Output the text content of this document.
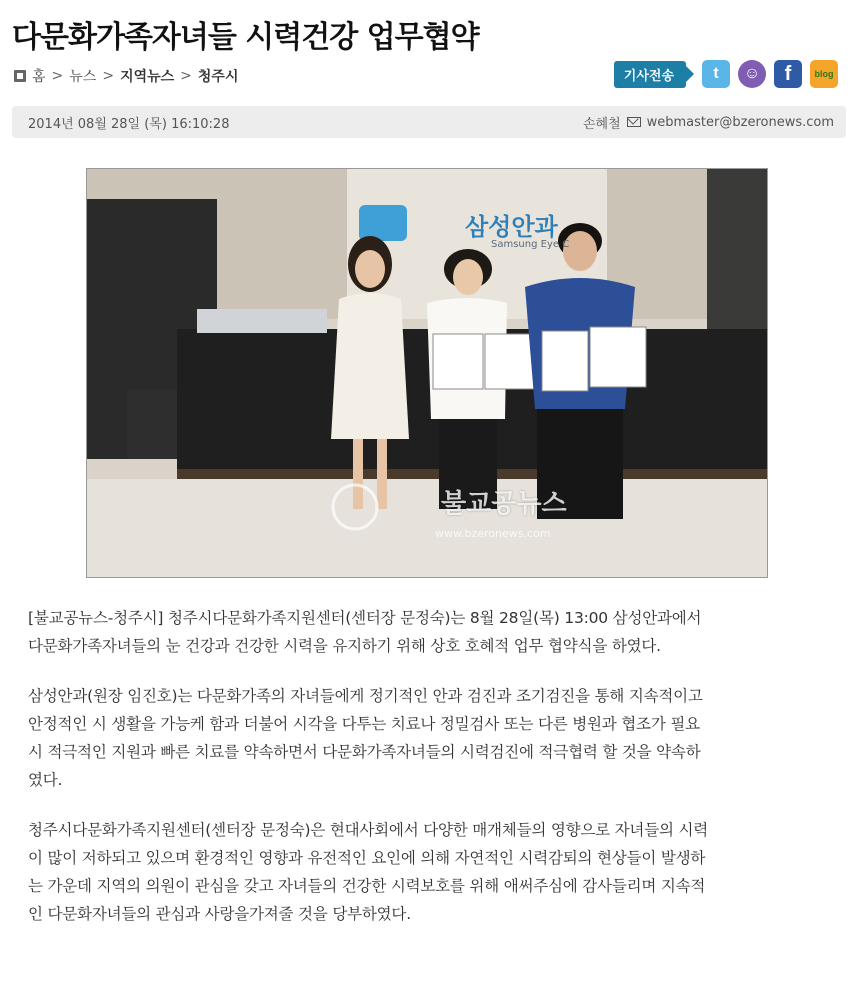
다문화가족자녀들 시력건강 업무협약
홈 > 뉴스 > 지역뉴스 > 청주시	기사전송	t	☺	f	blog
2014년 08월 28일 (목) 16:10:28	손혜철 webmaster@bzeronews.com
삼성안과
Samsung Eye C
불교공뉴스
www.bzeronews.com

[불교공뉴스-청주시] 청주시다문화가족지원센터(센터장 문정숙)는 8월 28일(목) 13:00 삼성안과에서
다문화가족자녀들의 눈 건강과 건강한 시력을 유지하기 위해 상호 호혜적 업무 협약식을 하였다.

삼성안과(원장 임진호)는 다문화가족의 자녀들에게 정기적인 안과 검진과 조기검진을 통해 지속적이고
안정적인 시 생활을 가능케 함과 더불어 시각을 다투는 치료나 정밀검사 또는 다른 병원과 협조가 필요
시 적극적인 지원과 빠른 치료를 약속하면서 다문화가족자녀들의 시력검진에 적극협력 할 것을 약속하
였다.

청주시다문화가족지원센터(센터장 문정숙)은 현대사회에서 다양한 매개체들의 영향으로 자녀들의 시력
이 많이 저하되고 있으며 환경적인 영향과 유전적인 요인에 의해 자연적인 시력감퇴의 현상들이 발생하
는 가운데 지역의 의원이 관심을 갖고 자녀들의 건강한 시력보호를 위해 애써주심에 감사들리며 지속적
인 다문화자녀들의 관심과 사랑을가져줄 것을 당부하였다.
